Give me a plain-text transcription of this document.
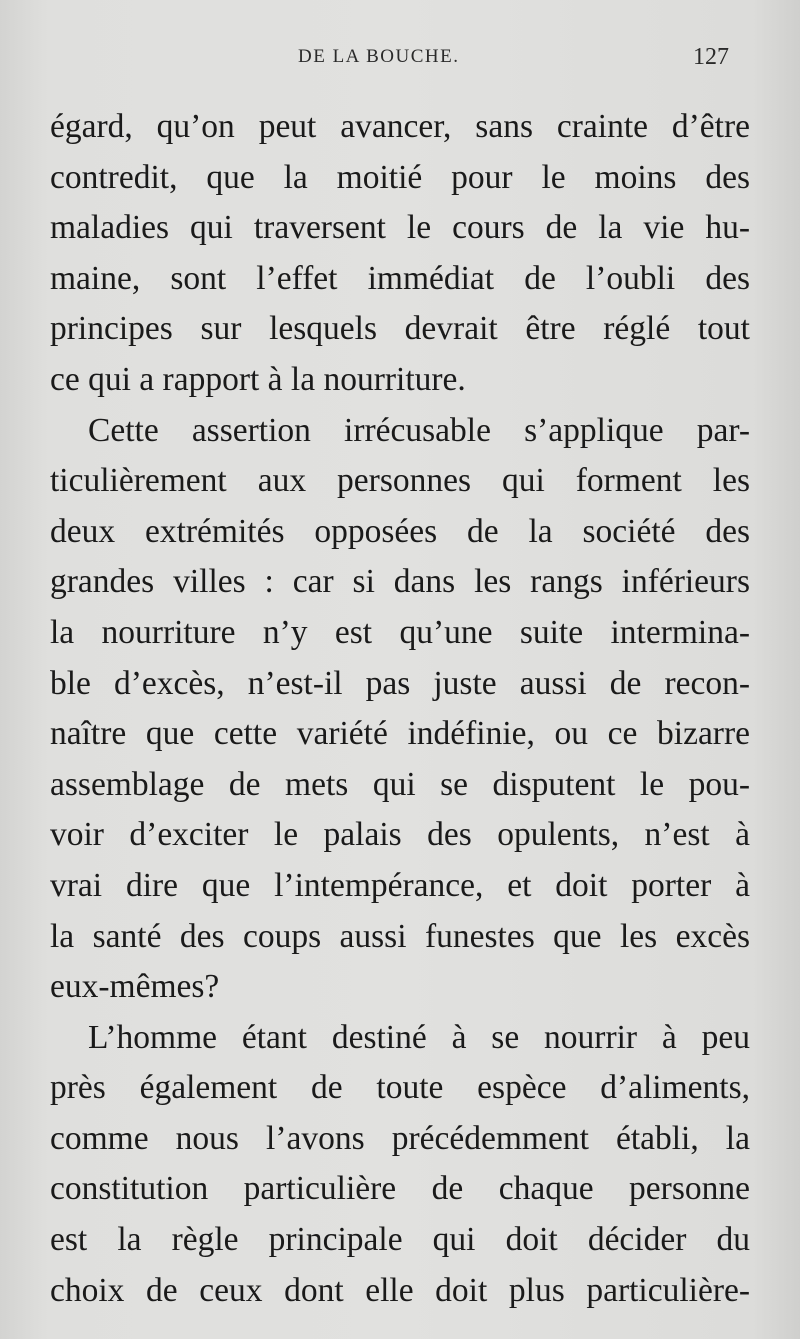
DE LA BOUCHE.	127
égard, qu’on peut avancer, sans crainte d’être
contredit, que la moitié pour le moins des
maladies qui traversent le cours de la vie hu-
maine, sont l’effet immédiat de l’oubli des
principes sur lesquels devrait être réglé tout
ce qui a rapport à la nourriture.
Cette assertion irrécusable s’applique par-
ticulièrement aux personnes qui forment les
deux extrémités opposées de la société des
grandes villes : car si dans les rangs inférieurs
la nourriture n’y est qu’une suite intermina-
ble d’excès, n’est-il pas juste aussi de recon-
naître que cette variété indéfinie, ou ce bizarre
assemblage de mets qui se disputent le pou-
voir d’exciter le palais des opulents, n’est à
vrai dire que l’intempérance, et doit porter à
la santé des coups aussi funestes que les excès
eux-mêmes?
L’homme étant destiné à se nourrir à peu
près également de toute espèce d’aliments,
comme nous l’avons précédemment établi, la
constitution particulière de chaque personne
est la règle principale qui doit décider du
choix de ceux dont elle doit plus particulière-
